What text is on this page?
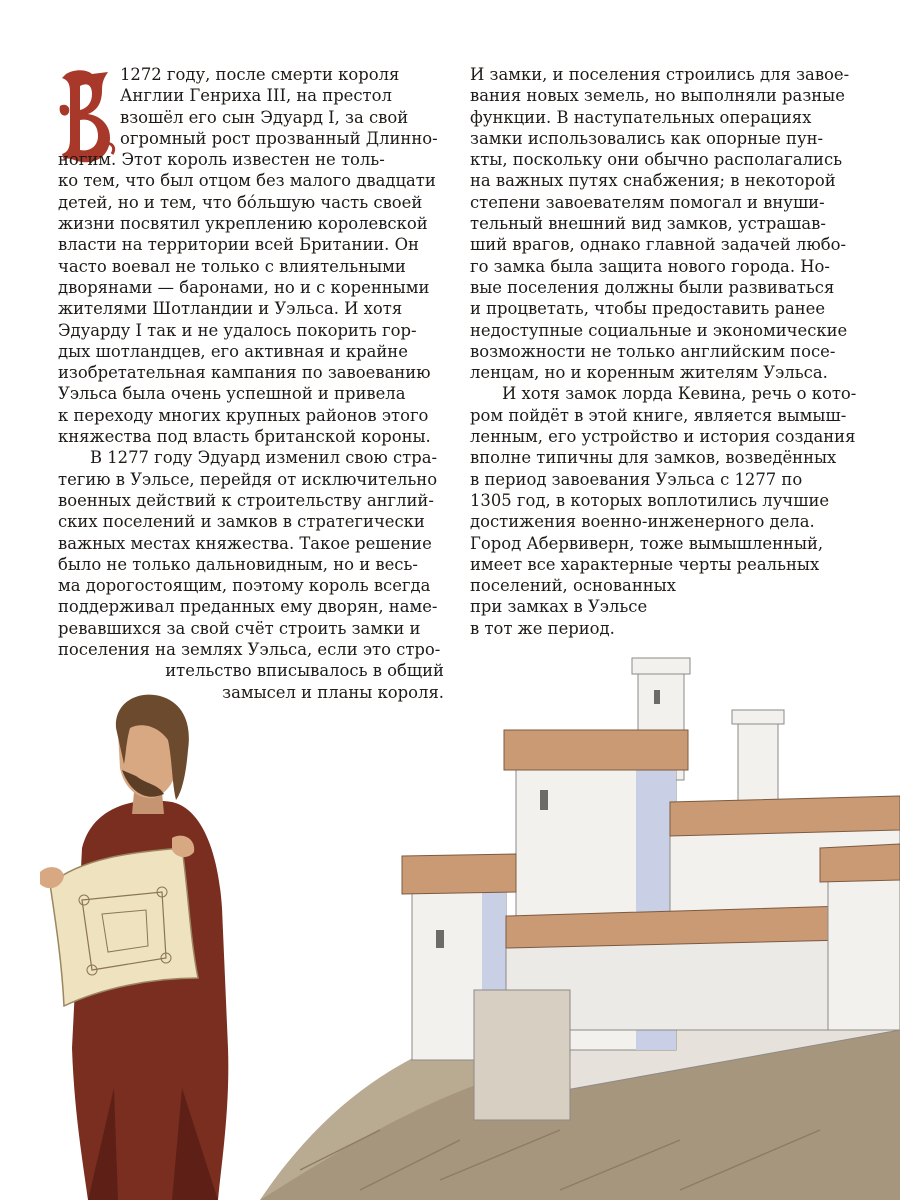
1272 году, после смерти короля
Англии Генриха III, на престол
взошёл его сын Эдуард I, за свой
огромный рост прозванный Длинно-
ногим. Этот король известен не толь-
ко тем, что был отцом без малого двадцати
детей, но и тем, что бо́льшую часть своей
жизни посвятил укреплению королевской
власти на территории всей Британии. Он
часто воевал не только с влиятельными
дворянами — баронами, но и с коренными
жителями Шотландии и Уэльса. И хотя
Эдуарду I так и не удалось покорить гор-
дых шотландцев, его активная и крайне
изобретательная кампания по завоеванию
Уэльса была очень успешной и привела
к переходу многих крупных районов этого
княжества под власть британской короны.
В 1277 году Эдуард изменил свою стра-
тегию в Уэльсе, перейдя от исключительно
военных действий к строительству англий-
ских поселений и замков в стратегически
важных местах княжества. Такое решение
было не только дальновидным, но и весь-
ма дорогостоящим, поэтому король всегда
поддерживал преданных ему дворян, наме-
ревавшихся за свой счёт строить замки и
поселения на землях Уэльса, если это стро-
ительство вписывалось в общий
замысел и планы короля.
И замки, и поселения строились для завое-
вания новых земель, но выполняли разные
функции. В наступательных операциях
замки использовались как опорные пун-
кты, поскольку они обычно располагались
на важных путях снабжения; в некоторой
степени завоевателям помогал и внуши-
тельный внешний вид замков, устрашав-
ший врагов, однако главной задачей любо-
го замка была защита нового города. Но-
вые поселения должны были развиваться
и процветать, чтобы предоставить ранее
недоступные социальные и экономические
возможности не только английским посе-
ленцам, но и коренным жителям Уэльса.
И хотя замок лорда Кевина, речь о кото-
ром пойдёт в этой книге, является вымыш-
ленным, его устройство и история создания
вполне типичны для замков, возведённых
в период завоевания Уэльса с 1277 по
1305 год, в которых воплотились лучшие
достижения военно-инженерного дела.
Город Абервиверн, тоже вымышленный,
имеет все характерные черты реальных
поселений, основанных
при замках в Уэльсе
в тот же период.
